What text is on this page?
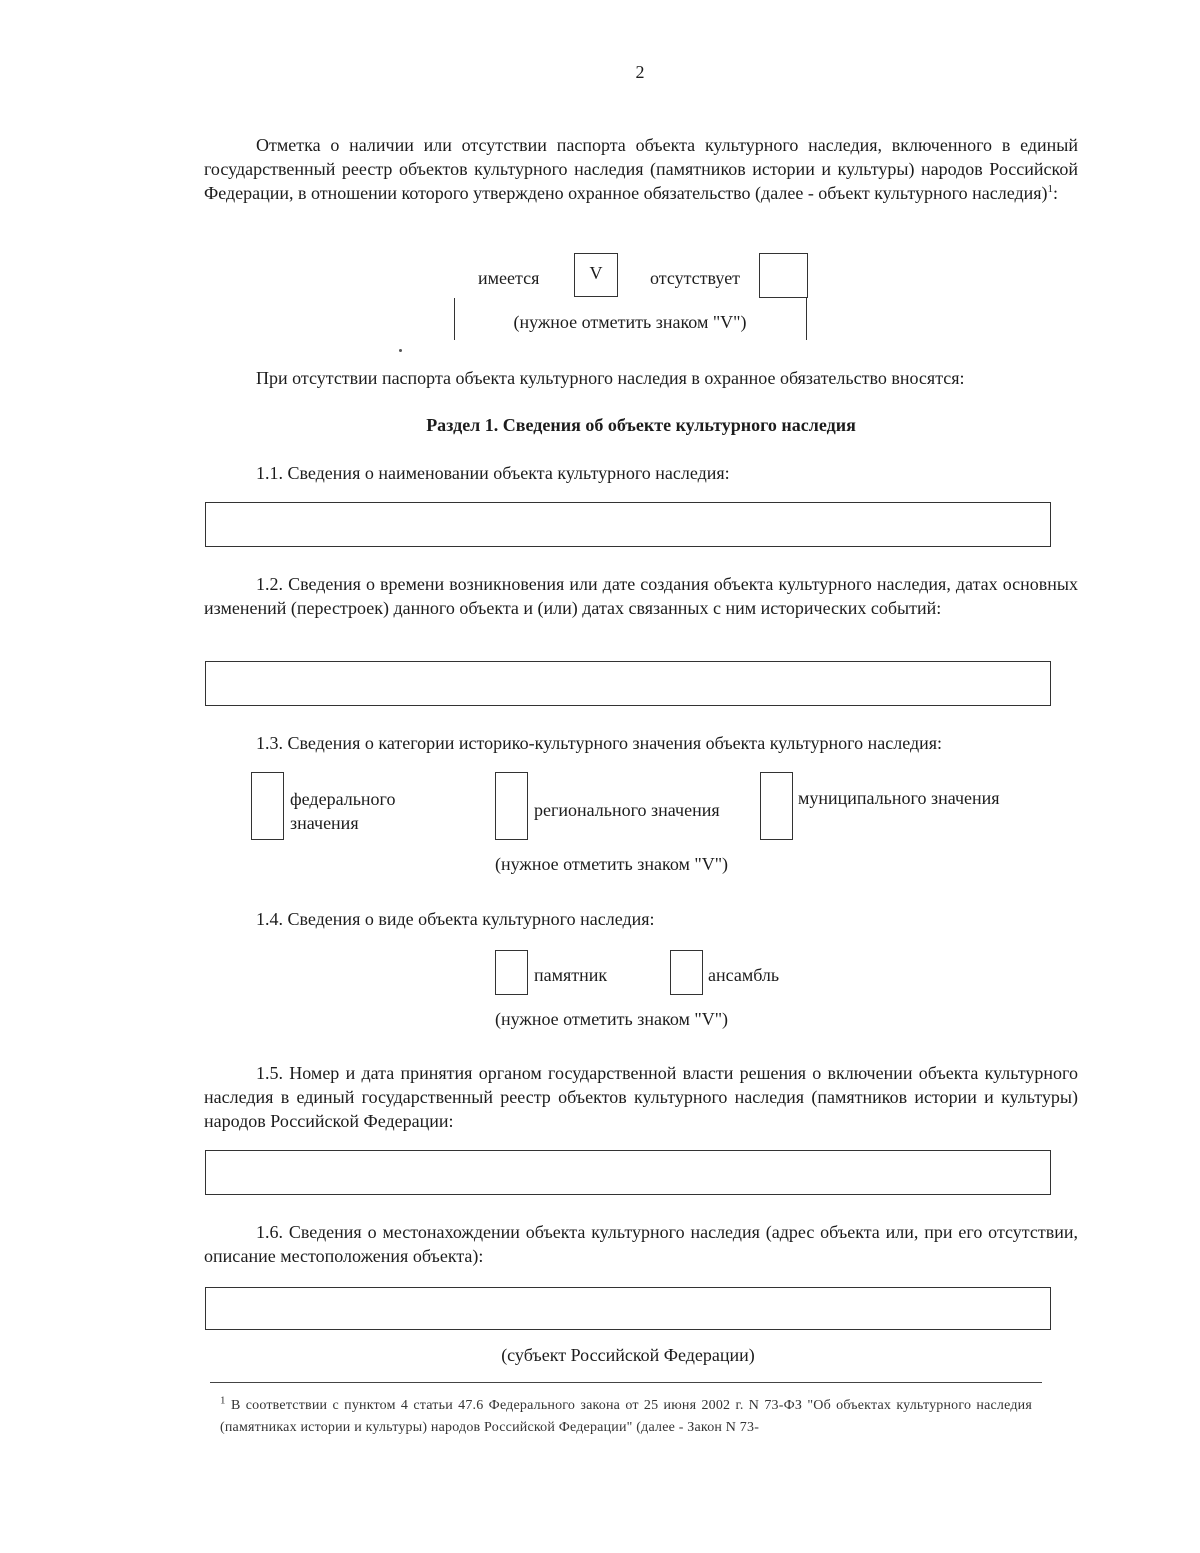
2
Отметка о наличии или отсутствии паспорта объекта культурного наследия, включенного в единый государственный реестр объектов культурного наследия (памятников истории и культуры) народов Российской Федерации, в отношении которого утверждено охранное обязательство (далее - объект культурного наследия)$^1$:
имеется	V	отсутствует
(нужное отметить знаком "V")
При отсутствии паспорта объекта культурного наследия в охранное обязательство вносятся:
Раздел 1. Сведения об объекте культурного наследия
1.1. Сведения о наименовании объекта культурного наследия:
1.2. Сведения о времени возникновения или дате создания объекта культурного наследия, датах основных изменений (перестроек) данного объекта и (или) датах связанных с ним исторических событий:
1.3. Сведения о категории историко-культурного значения объекта культурного наследия:
федерального значения
регионального значения
муниципального значения
(нужное отметить знаком "V")
1.4. Сведения о виде объекта культурного наследия:
памятник	ансамбль
(нужное отметить знаком "V")
1.5. Номер и дата принятия органом государственной власти решения о включении объекта культурного наследия в единый государственный реестр объектов культурного наследия (памятников истории и культуры) народов Российской Федерации:
1.6. Сведения о местонахождении объекта культурного наследия (адрес объекта или, при его отсутствии, описание местоположения объекта):
(субъект Российской Федерации)
$^1$ В соответствии с пунктом 4 статьи 47.6 Федерального закона от 25 июня 2002 г. N 73-ФЗ "Об объектах культурного наследия (памятниках истории и культуры) народов Российской Федерации" (далее - Закон N 73-
